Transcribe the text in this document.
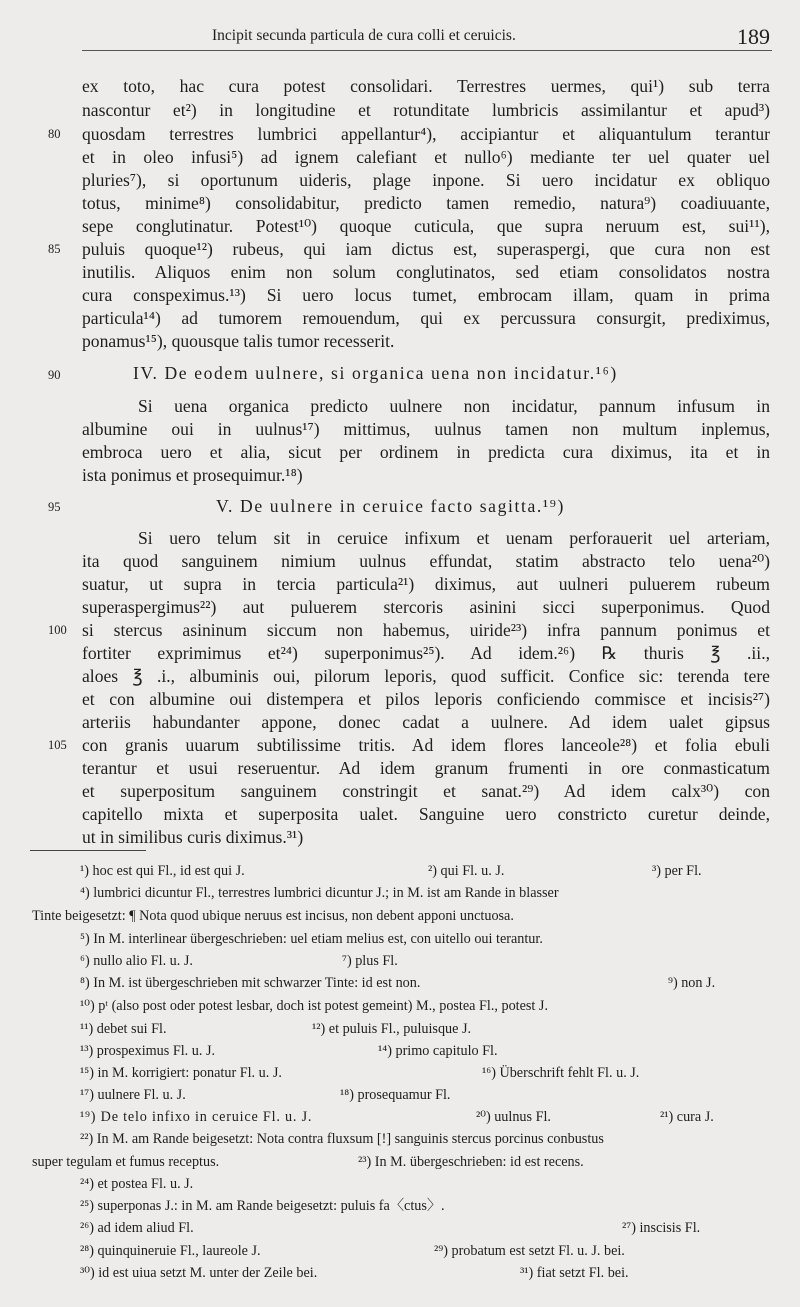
Incipit secunda particula de cura colli et ceruicis.	189
ex toto, hac cura potest consolidari. Terrestres uermes, qui¹) sub terra
nascontur et²) in longitudine et rotunditate lumbricis assimilantur et apud³)
80	quosdam terrestres lumbrici appellantur⁴), accipiantur et aliquantulum terantur
et in oleo infusi⁵) ad ignem calefiant et nullo⁶) mediante ter uel quater uel
pluries⁷), si oportunum uideris, plage inpone. Si uero incidatur ex obliquo
totus, minime⁸) consolidabitur, predicto tamen remedio, natura⁹) coadiuuante,
sepe conglutinatur. Potest¹⁰) quoque cuticula, que supra neruum est, sui¹¹),
85	puluis quoque¹²) rubeus, qui iam dictus est, superaspergi, que cura non est
inutilis. Aliquos enim non solum conglutinatos, sed etiam consolidatos nostra
cura conspeximus.¹³) Si uero locus tumet, embrocam illam, quam in prima
particula¹⁴) ad tumorem remouendum, qui ex percussura consurgit, prediximus,
ponamus¹⁵), quousque talis tumor recesserit.
90	IV. De eodem uulnere, si organica uena non incidatur.¹⁶)
Si uena organica predicto uulnere non incidatur, pannum infusum in
albumine oui in uulnus¹⁷) mittimus, uulnus tamen non multum inplemus,
embroca uero et alia, sicut per ordinem in predicta cura diximus, ita et in
ista ponimus et prosequimur.¹⁸)
95	V. De uulnere in ceruice facto sagitta.¹⁹)
Si uero telum sit in ceruice infixum et uenam perforauerit uel arteriam,
ita quod sanguinem nimium uulnus effundat, statim abstracto telo uena²⁰)
suatur, ut supra in tercia particula²¹) diximus, aut uulneri puluerem rubeum
superaspergimus²²) aut puluerem stercoris asinini sicci superponimus. Quod
100 si stercus asininum siccum non habemus, uiride²³) infra pannum ponimus et
fortiter exprimimus et²⁴) superponimus²⁵). Ad idem.²⁶) ℞ thuris ℥ .ii.,
aloes ℥ .i., albuminis oui, pilorum leporis, quod sufficit. Confice sic: terenda tere
et con albumine oui distempera et pilos leporis conficiendo commisce et incisis²⁷)
arteriis habundanter appone, donec cadat a uulnere. Ad idem ualet gipsus
105 con granis uuarum subtilissime tritis. Ad idem flores lanceole²⁸) et folia ebuli
terantur et usui reseruentur. Ad idem granum frumenti in ore conmasticatum
et superpositum sanguinem constringit et sanat.²⁹) Ad idem calx³⁰) con
capitello mixta et superposita ualet. Sanguine uero constricto curetur deinde,
ut in similibus curis diximus.³¹)
¹) hoc est qui Fl., id est qui J.	²) qui Fl. u. J.	³) per Fl.
⁴) lumbrici dicuntur Fl., terrestres lumbrici dicuntur J.; in M. ist am Rande in blasser
Tinte beigesetzt: ¶ Nota quod ubique neruus est incisus, non debent apponi unctuosa.
⁵) In M. interlinear übergeschrieben: uel etiam melius est, con uitello oui terantur.
⁶) nullo alio Fl. u. J.	⁷) plus Fl.
⁸) In M. ist übergeschrieben mit schwarzer Tinte: id est non.	⁹) non J.
¹⁰) pᵗ (also post oder potest lesbar, doch ist potest gemeint) M., postea Fl., potest J.
¹¹) debet sui Fl.	¹²) et puluis Fl., puluisque J.
¹³) prospeximus Fl. u. J.	¹⁴) primo capitulo Fl.
¹⁵) in M. korrigiert: ponatur Fl. u. J.	¹⁶) Überschrift fehlt Fl. u. J.
¹⁷) uulnere Fl. u. J.	¹⁸) prosequamur Fl.
¹⁹) De telo infixo in ceruice Fl. u. J.	²⁰) uulnus Fl.	²¹) cura J.
²²) In M. am Rande beigesetzt: Nota contra fluxsum [!] sanguinis stercus porcinus conbustus
super tegulam et fumus receptus.	²³) In M. übergeschrieben: id est recens.
²⁴) et postea Fl. u. J.
²⁵) superponas J.: in M. am Rande beigesetzt: puluis fa〈ctus〉.
²⁶) ad idem aliud Fl.	²⁷) inscisis Fl.
²⁸) quinquineruie Fl., laureole J.	²⁹) probatum est setzt Fl. u. J. bei.
³⁰) id est uiua setzt M. unter der Zeile bei.	³¹) fiat setzt Fl. bei.
